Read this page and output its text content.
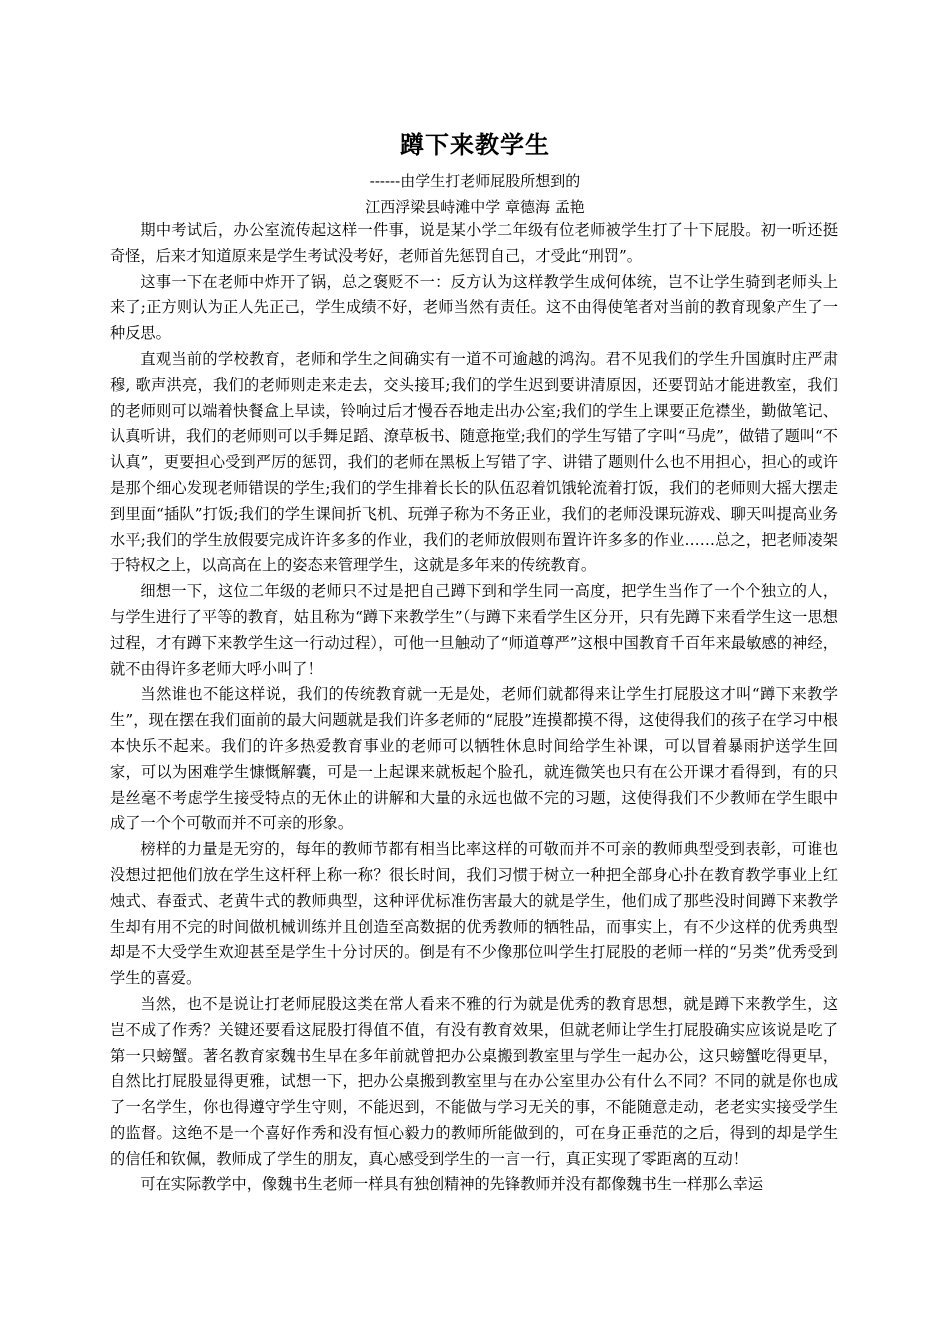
蹲下来教学生
------由学生打老师屁股所想到的
江西浮梁县峙滩中学 章德海 孟艳

期中考试后，办公室流传起这样一件事，说是某小学二年级有位老师被学生打了十下屁股。初一听还挺奇怪，后来才知道原来是学生考试没考好，老师首先惩罚自己，才受此“刑罚”。

这事一下在老师中炸开了锅，总之褒贬不一：反方认为这样教学生成何体统，岂不让学生骑到老师头上来了;正方则认为正人先正己，学生成绩不好，老师当然有责任。这不由得使笔者对当前的教育现象产生了一种反思。

直观当前的学校教育，老师和学生之间确实有一道不可逾越的鸿沟。君不见我们的学生升国旗时庄严肃穆, 歌声洪亮，我们的老师则走来走去，交头接耳;我们的学生迟到要讲清原因，还要罚站才能进教室，我们的老师则可以端着快餐盒上早读，铃响过后才慢吞吞地走出办公室;我们的学生上课要正危襟坐，勤做笔记、认真听讲，我们的老师则可以手舞足蹈、潦草板书、随意拖堂;我们的学生写错了字叫“马虎”，做错了题叫“不认真”，更要担心受到严厉的惩罚，我们的老师在黑板上写错了字、讲错了题则什么也不用担心，担心的或许是那个细心发现老师错误的学生;我们的学生排着长长的队伍忍着饥饿轮流着打饭，我们的老师则大摇大摆走到里面“插队”打饭;我们的学生课间折飞机、玩弹子称为不务正业，我们的老师没课玩游戏、聊天叫提高业务水平;我们的学生放假要完成许许多多的作业，我们的老师放假则布置许许多多的作业……总之，把老师凌架于特权之上，以高高在上的姿态来管理学生，这就是多年来的传统教育。

细想一下，这位二年级的老师只不过是把自己蹲下到和学生同一高度，把学生当作了一个个独立的人，与学生进行了平等的教育，姑且称为“蹲下来教学生”（与蹲下来看学生区分开，只有先蹲下来看学生这一思想过程，才有蹲下来教学生这一行动过程），可他一旦触动了“师道尊严”这根中国教育千百年来最敏感的神经，就不由得许多老师大呼小叫了！

当然谁也不能这样说，我们的传统教育就一无是处，老师们就都得来让学生打屁股这才叫“蹲下来教学生”，现在摆在我们面前的最大问题就是我们许多老师的“屁股”连摸都摸不得，这使得我们的孩子在学习中根本快乐不起来。我们的许多热爱教育事业的老师可以牺牲休息时间给学生补课，可以冒着暴雨护送学生回家，可以为困难学生慷慨解囊，可是一上起课来就板起个脸孔，就连微笑也只有在公开课才看得到，有的只是丝毫不考虑学生接受特点的无休止的讲解和大量的永远也做不完的习题，这使得我们不少教师在学生眼中成了一个个可敬而并不可亲的形象。

榜样的力量是无穷的，每年的教师节都有相当比率这样的可敬而并不可亲的教师典型受到表彰，可谁也没想过把他们放在学生这杆秤上称一称？很长时间，我们习惯于树立一种把全部身心扑在教育教学事业上红烛式、春蚕式、老黄牛式的教师典型，这种评优标准伤害最大的就是学生，他们成了那些没时间蹲下来教学生却有用不完的时间做机械训练并且创造至高数据的优秀教师的牺牲品，而事实上，有不少这样的优秀典型却是不大受学生欢迎甚至是学生十分讨厌的。倒是有不少像那位叫学生打屁股的老师一样的“另类”优秀受到学生的喜爱。

当然，也不是说让打老师屁股这类在常人看来不雅的行为就是优秀的教育思想，就是蹲下来教学生，这岂不成了作秀？关键还要看这屁股打得值不值，有没有教育效果，但就老师让学生打屁股确实应该说是吃了第一只螃蟹。著名教育家魏书生早在多年前就曾把办公桌搬到教室里与学生一起办公，这只螃蟹吃得更早，自然比打屁股显得更雅，试想一下，把办公桌搬到教室里与在办公室里办公有什么不同？不同的就是你也成了一名学生，你也得遵守学生守则，不能迟到，不能做与学习无关的事，不能随意走动，老老实实接受学生的监督。这绝不是一个喜好作秀和没有恒心毅力的教师所能做到的，可在身正垂范的之后，得到的却是学生的信任和钦佩，教师成了学生的朋友，真心感受到学生的一言一行，真正实现了零距离的互动！

可在实际教学中，像魏书生老师一样具有独创精神的先锋教师并没有都像魏书生一样那么幸运
